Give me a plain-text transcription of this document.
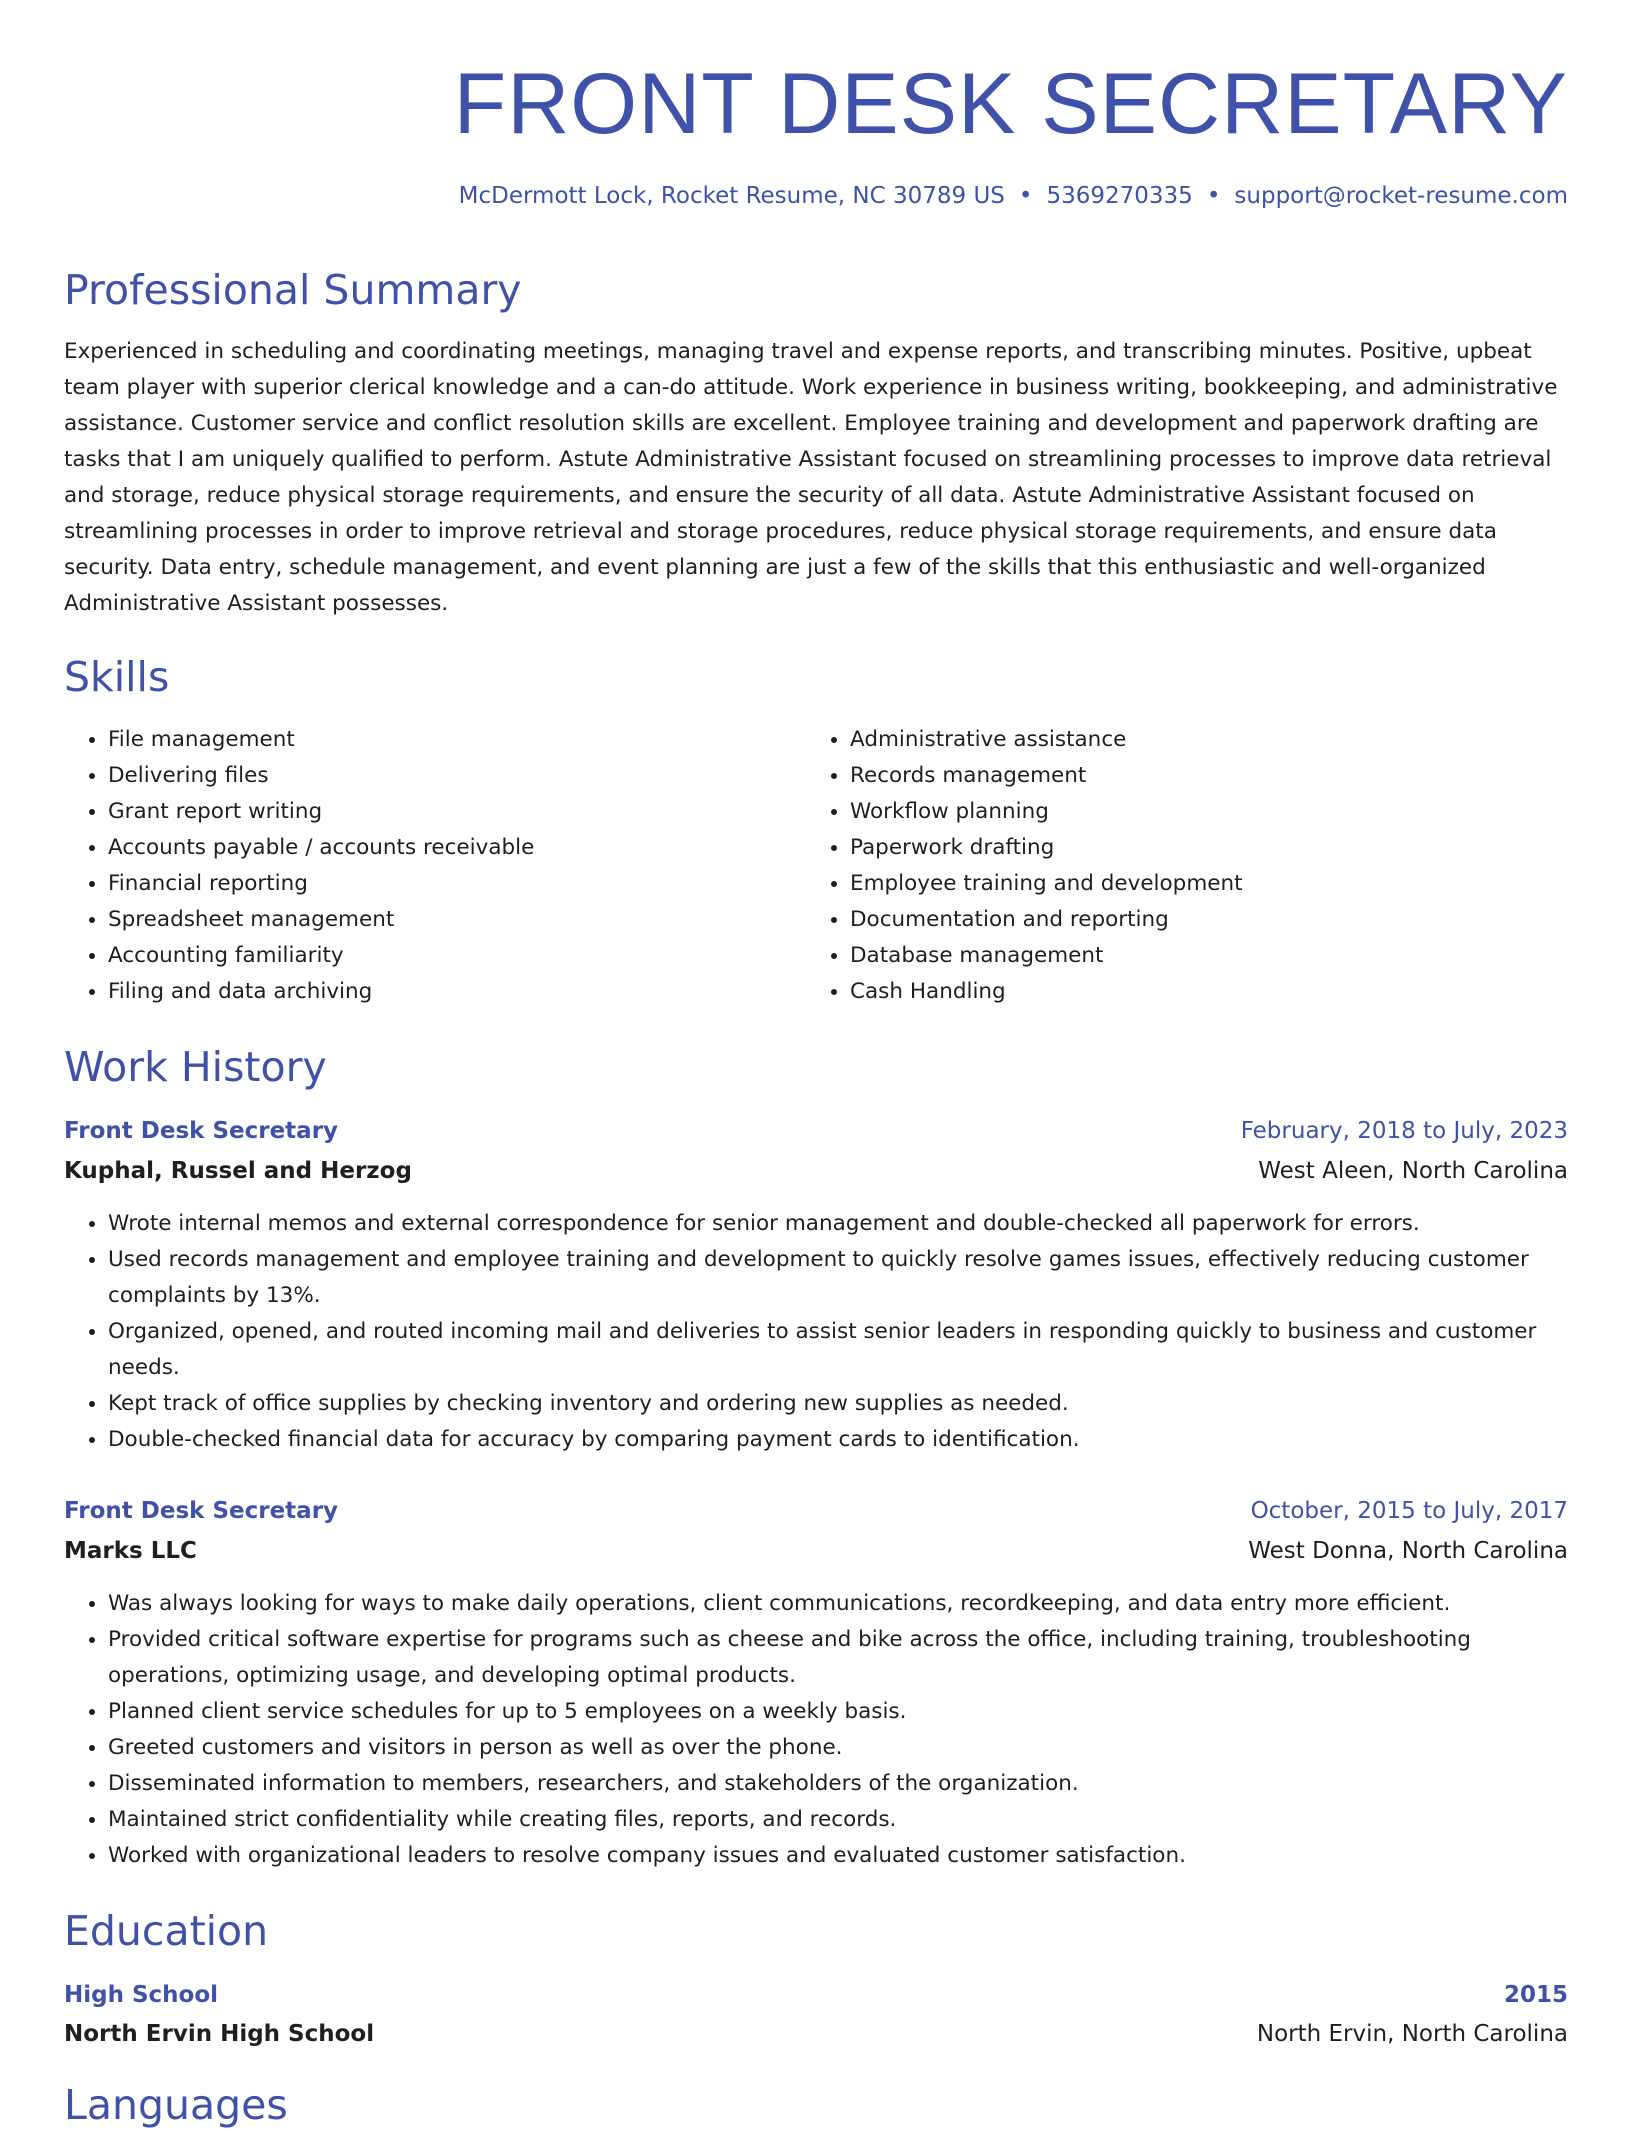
FRONT DESK SECRETARY
McDermott Lock, Rocket Resume, NC 30789 US • 5369270335 • support@rocket-resume.com
Professional Summary

Experienced in scheduling and coordinating meetings, managing travel and expense reports, and transcribing minutes. Positive, upbeat team player with superior clerical knowledge and a can-do attitude. Work experience in business writing, bookkeeping, and administrative assistance. Customer service and conflict resolution skills are excellent. Employee training and development and paperwork drafting are tasks that I am uniquely qualified to perform. Astute Administrative Assistant focused on streamlining processes to improve data retrieval and storage, reduce physical storage requirements, and ensure the security of all data. Astute Administrative Assistant focused on streamlining processes in order to improve retrieval and storage procedures, reduce physical storage requirements, and ensure data security. Data entry, schedule management, and event planning are just a few of the skills that this enthusiastic and well-organized Administrative Assistant possesses.

Skills
• File management
• Delivering files
• Grant report writing
• Accounts payable / accounts receivable
• Financial reporting
• Spreadsheet management
• Accounting familiarity
• Filing and data archiving
• Administrative assistance
• Records management
• Workflow planning
• Paperwork drafting
• Employee training and development
• Documentation and reporting
• Database management
• Cash Handling
Work History
Front Desk Secretary	February, 2018 to July, 2023
Kuphal, Russel and Herzog	West Aleen, North Carolina
• Wrote internal memos and external correspondence for senior management and double-checked all paperwork for errors.
• Used records management and employee training and development to quickly resolve games issues, effectively reducing customer complaints by 13%.
• Organized, opened, and routed incoming mail and deliveries to assist senior leaders in responding quickly to business and customer needs.
• Kept track of office supplies by checking inventory and ordering new supplies as needed.
• Double-checked financial data for accuracy by comparing payment cards to identification.
Front Desk Secretary	October, 2015 to July, 2017
Marks LLC	West Donna, North Carolina
• Was always looking for ways to make daily operations, client communications, recordkeeping, and data entry more efficient.
• Provided critical software expertise for programs such as cheese and bike across the office, including training, troubleshooting operations, optimizing usage, and developing optimal products.
• Planned client service schedules for up to 5 employees on a weekly basis.
• Greeted customers and visitors in person as well as over the phone.
• Disseminated information to members, researchers, and stakeholders of the organization.
• Maintained strict confidentiality while creating files, reports, and records.
• Worked with organizational leaders to resolve company issues and evaluated customer satisfaction.
Education
High School	2015
North Ervin High School	North Ervin, North Carolina
Languages
